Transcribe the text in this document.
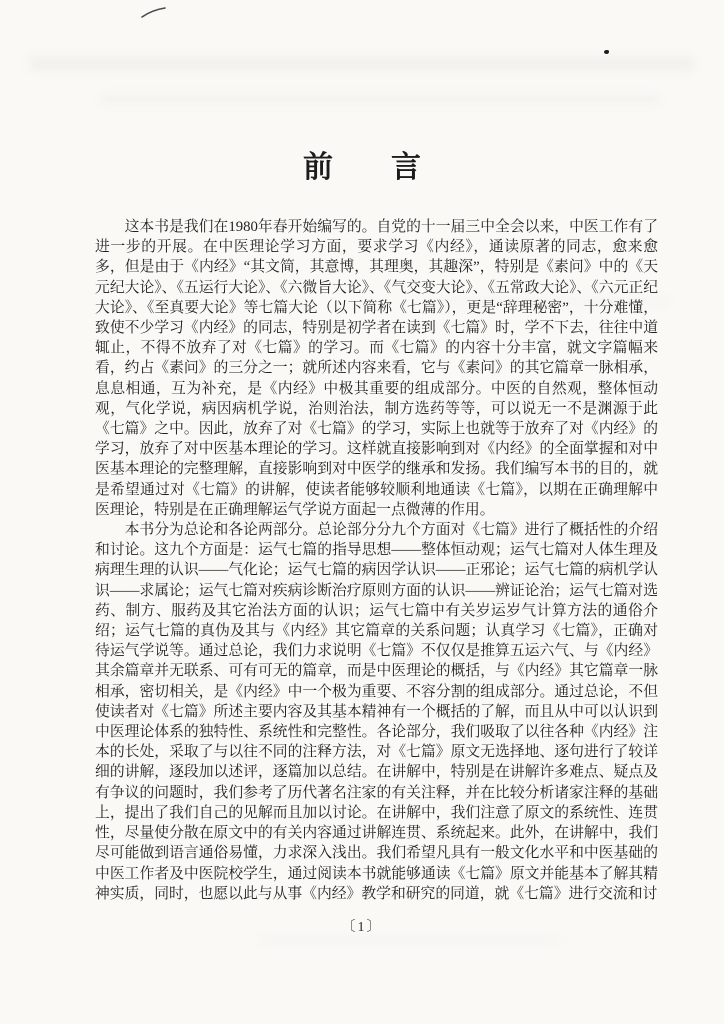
前 言

这本书是我们在1980年春开始编写的。自党的十一届三中全会以来，中医工作有了进一步的开展。在中医理论学习方面，要求学习《内经》，通读原著的同志，愈来愈多，但是由于《内经》“其文简，其意博，其理奥，其趣深”，特别是《素问》中的《天元纪大论》、《五运行大论》、《六微旨大论》、《气交变大论》、《五常政大论》、《六元正纪大论》、《至真要大论》等七篇大论（以下简称《七篇》），更是“辞理秘密”，十分难懂，致使不少学习《内经》的同志，特别是初学者在读到《七篇》时，学不下去，往往中道辄止，不得不放弃了对《七篇》的学习。而《七篇》的内容十分丰富，就文字篇幅来看，约占《素问》的三分之一；就所述内容来看，它与《素问》的其它篇章一脉相承，息息相通，互为补充，是《内经》中极其重要的组成部分。中医的自然观，整体恒动观，气化学说，病因病机学说，治则治法，制方选药等等，可以说无一不是渊源于此《七篇》之中。因此，放弃了对《七篇》的学习，实际上也就等于放弃了对《内经》的学习，放弃了对中医基本理论的学习。这样就直接影响到对《内经》的全面掌握和对中医基本理论的完整理解，直接影响到对中医学的继承和发扬。我们编写本书的目的，就是希望通过对《七篇》的讲解，使读者能够较顺利地通读《七篇》，以期在正确理解中医理论，特别是在正确理解运气学说方面起一点微薄的作用。

本书分为总论和各论两部分。总论部分分九个方面对《七篇》进行了概括性的介绍和讨论。这九个方面是：运气七篇的指导思想——整体恒动观；运气七篇对人体生理及病理生理的认识——气化论；运气七篇的病因学认识——正邪论；运气七篇的病机学认识——求属论；运气七篇对疾病诊断治疗原则方面的认识——辨证论治；运气七篇对选药、制方、服药及其它治法方面的认识；运气七篇中有关岁运岁气计算方法的通俗介绍；运气七篇的真伪及其与《内经》其它篇章的关系问题；认真学习《七篇》，正确对待运气学说等。通过总论，我们力求说明《七篇》不仅仅是推算五运六气、与《内经》其余篇章并无联系、可有可无的篇章，而是中医理论的概括，与《内经》其它篇章一脉相承，密切相关，是《内经》中一个极为重要、不容分割的组成部分。通过总论，不但使读者对《七篇》所述主要内容及其基本精神有一个概括的了解，而且从中可以认识到中医理论体系的独特性、系统性和完整性。各论部分，我们吸取了以往各种《内经》注本的长处，采取了与以往不同的注释方法，对《七篇》原文无选择地、逐句进行了较详细的讲解，逐段加以述评，逐篇加以总结。在讲解中，特别是在讲解许多难点、疑点及有争议的问题时，我们参考了历代著名注家的有关注释，并在比较分析诸家注释的基础上，提出了我们自己的见解而且加以讨论。在讲解中，我们注意了原文的系统性、连贯性，尽量使分散在原文中的有关内容通过讲解连贯、系统起来。此外，在讲解中，我们尽可能做到语言通俗易懂，力求深入浅出。我们希望凡具有一般文化水平和中医基础的中医工作者及中医院校学生，通过阅读本书就能够通读《七篇》原文并能基本了解其精神实质，同时，也愿以此与从事《内经》教学和研究的同道，就《七篇》进行交流和讨

〔1〕
